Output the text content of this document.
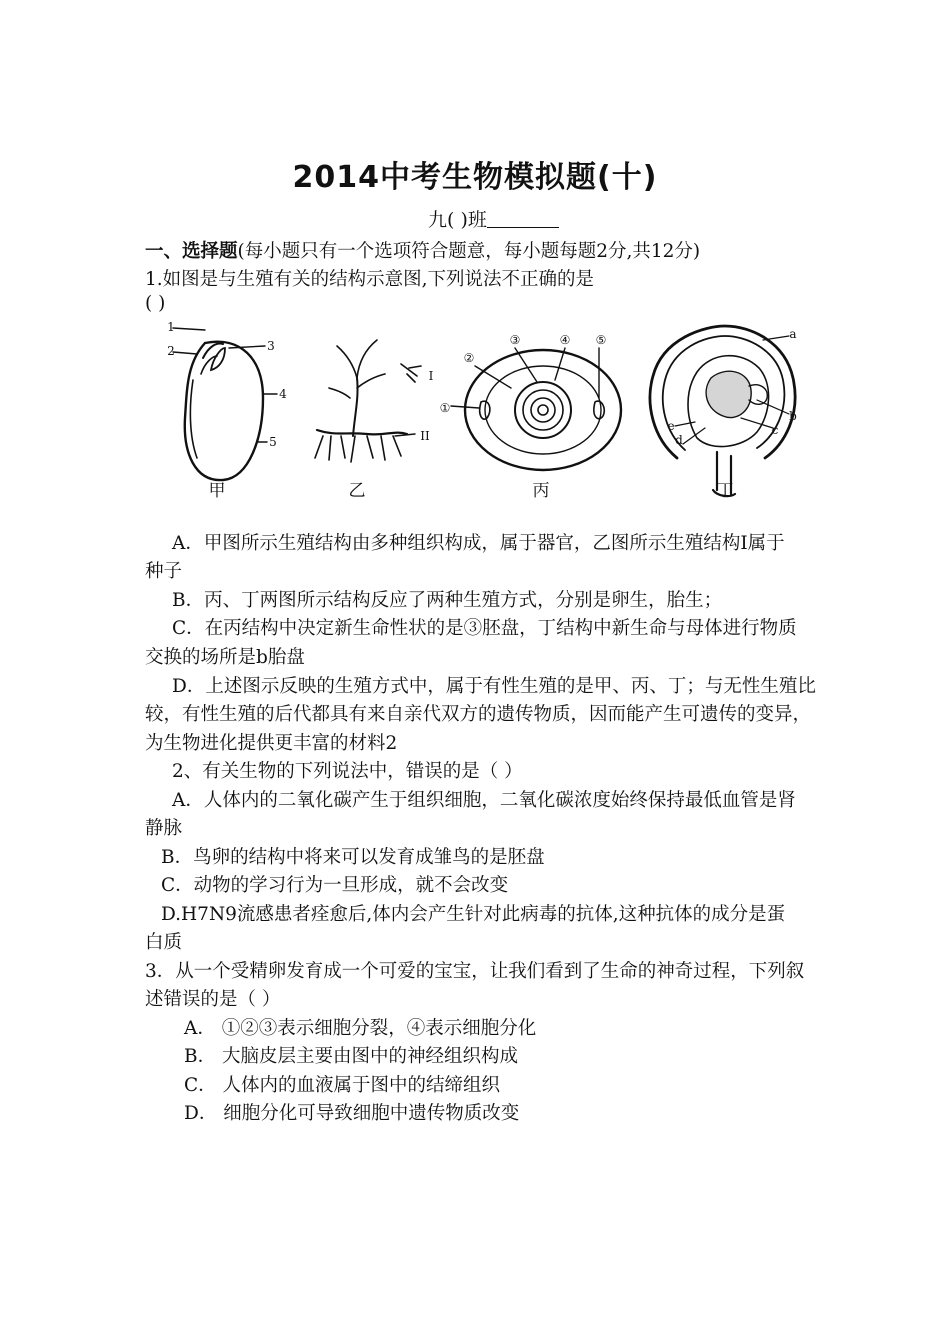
2014中考生物模拟题(十)
九( )班
一、选择题(每小题只有一个选项符合题意，每小题每题2分,共12分)
1.如图是与生殖有关的结构示意图,下列说法不正确的是
( )
1
2	3
4
5
I
II
①
②
③	④ ⑤	a
b
c
d
e
甲	乙	丙	丁
A．甲图所示生殖结构由多种组织构成，属于器官，乙图所示生殖结构Ⅰ属于
种子
B．丙、丁两图所示结构反应了两种生殖方式，分别是卵生，胎生；
C．在丙结构中决定新生命性状的是③胚盘，丁结构中新生命与母体进行物质
交换的场所是b胎盘
D．上述图示反映的生殖方式中，属于有性生殖的是甲、丙、丁；与无性生殖比
较，有性生殖的后代都具有来自亲代双方的遗传物质，因而能产生可遗传的变异，
为生物进化提供更丰富的材料2
2、有关生物的下列说法中，错误的是（ ）
A．人体内的二氧化碳产生于组织细胞，二氧化碳浓度始终保持最低血管是肾
静脉
B．鸟卵的结构中将来可以发育成雏鸟的是胚盘
C．动物的学习行为一旦形成，就不会改变
D.H7N9流感患者痊愈后,体内会产生针对此病毒的抗体,这种抗体的成分是蛋
白质
3．从一个受精卵发育成一个可爱的宝宝，让我们看到了生命的神奇过程，下列叙
述错误的是（ ）
A． ①②③表示细胞分裂，④表示细胞分化
B． 大脑皮层主要由图中的神经组织构成
C． 人体内的血液属于图中的结缔组织
D． 细胞分化可导致细胞中遗传物质改变
